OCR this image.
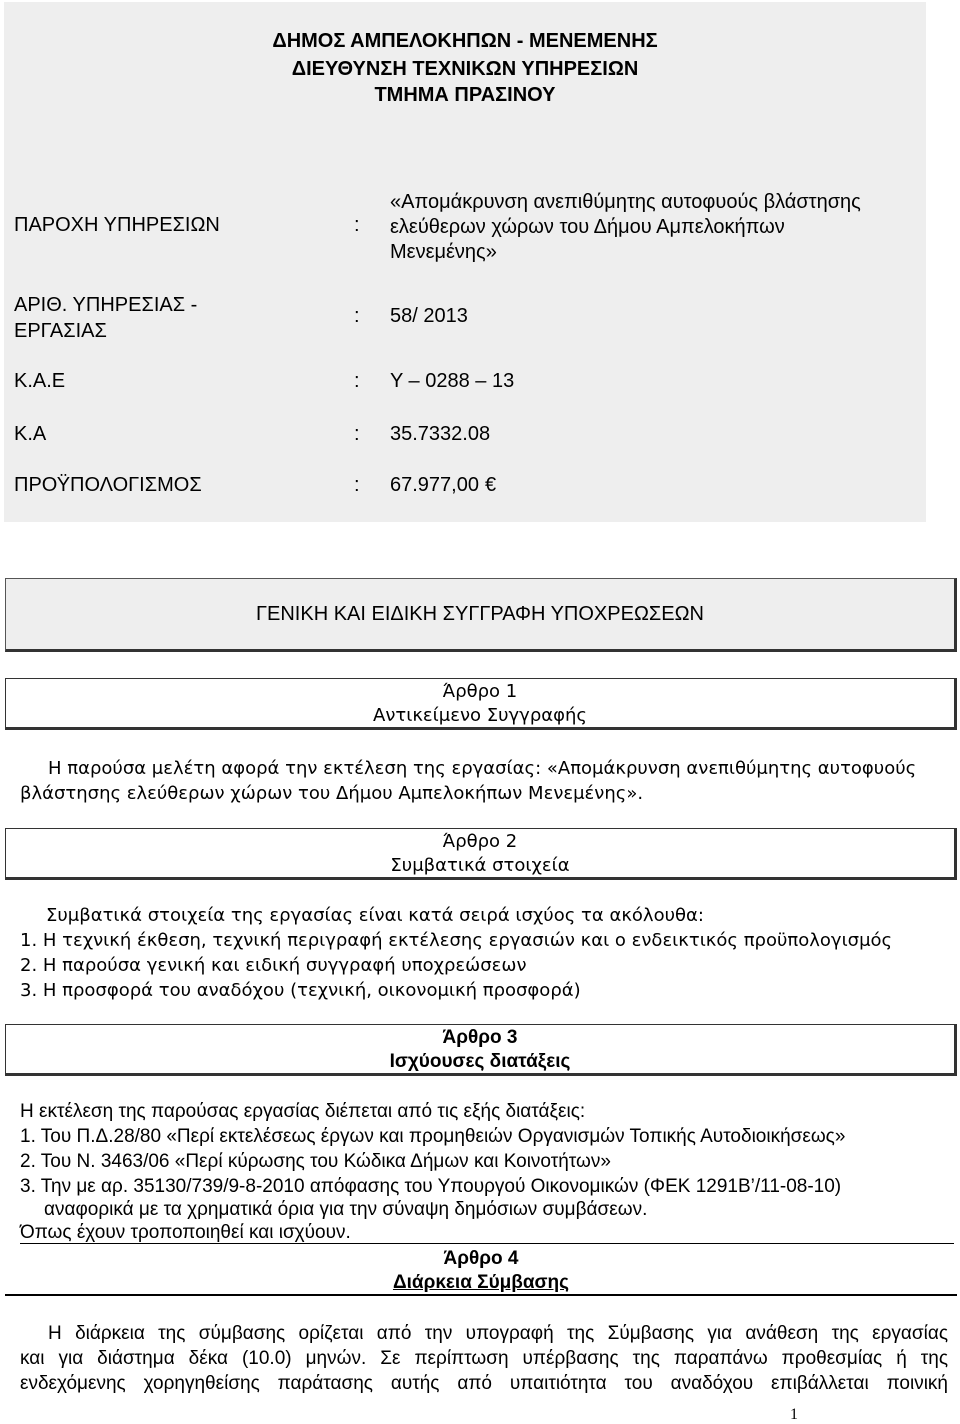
ΔΗΜΟΣ ΑΜΠΕΛΟΚΗΠΩΝ - ΜΕΝΕΜΕΝΗΣ
ΔΙΕΥΘΥΝΣΗ ΤΕΧΝΙΚΩΝ ΥΠΗΡΕΣΙΩΝ
ΤΜΗΜΑ ΠΡΑΣΙΝΟΥ
ΠΑΡΟΧΗ ΥΠΗΡΕΣΙΩΝ	:
«Απομάκρυνση ανεπιθύμητης αυτοφυούς βλάστησης
ελεύθερων χώρων του Δήμου Αμπελοκήπων
Μενεμένης»
ΑΡΙΘ. ΥΠΗΡΕΣΙΑΣ -
ΕΡΓΑΣΙΑΣ
: 58/ 2013
Κ.Α.Ε	: Υ – 0288 – 13
Κ.Α	: 35.7332.08
ΠΡΟΫΠΟΛΟΓΙΣΜΟΣ	: 67.977,00 €
ΓΕΝΙΚΗ ΚΑΙ ΕΙΔΙΚΗ ΣΥΓΓΡΑΦΗ ΥΠΟΧΡΕΩΣΕΩΝ
Άρθρο 1
Αντικείμενο Συγγραφής
Η παρούσα μελέτη αφορά την εκτέλεση της εργασίας: «Απομάκρυνση ανεπιθύμητης αυτοφυούς
βλάστησης ελεύθερων χώρων του Δήμου Αμπελοκήπων Μενεμένης».
Άρθρο 2
Συμβατικά στοιχεία
Συμβατικά στοιχεία της εργασίας είναι κατά σειρά ισχύος τα ακόλουθα:
1. Η τεχνική έκθεση, τεχνική περιγραφή εκτέλεσης εργασιών και ο ενδεικτικός προϋπολογισμός
2. Η παρούσα γενική και ειδική συγγραφή υποχρεώσεων
3. Η προσφορά του αναδόχου (τεχνική, οικονομική προσφορά)
Άρθρο 3
Ισχύουσες διατάξεις
Η εκτέλεση της παρούσας εργασίας διέπεται από τις εξής διατάξεις:
1. Του Π.Δ.28/80 «Περί εκτελέσεως έργων και προμηθειών Οργανισμών Τοπικής Αυτοδιοικήσεως»
2. Του Ν. 3463/06 «Περί κύρωσης του Κώδικα Δήμων και Κοινοτήτων»
3. Την με αρ. 35130/739/9-8-2010 απόφασης του Υπουργού Οικονομικών (ΦΕΚ 1291Β’/11-08-10)
αναφορικά με τα χρηματικά όρια για την σύναψη δημόσιων συμβάσεων.
Όπως έχουν τροποποιηθεί και ισχύουν.
Άρθρο 4
Διάρκεια Σύμβασης
Η διάρκεια της σύμβασης ορίζεται από την υπογραφή της Σύμβασης για ανάθεση της εργασίας
και για διάστημα δέκα (10.0) μηνών. Σε περίπτωση υπέρβασης της παραπάνω προθεσμίας ή της
ενδεχόμενης χορηγηθείσης παράτασης αυτής από υπαιτιότητα του αναδόχου επιβάλλεται ποινική
1
